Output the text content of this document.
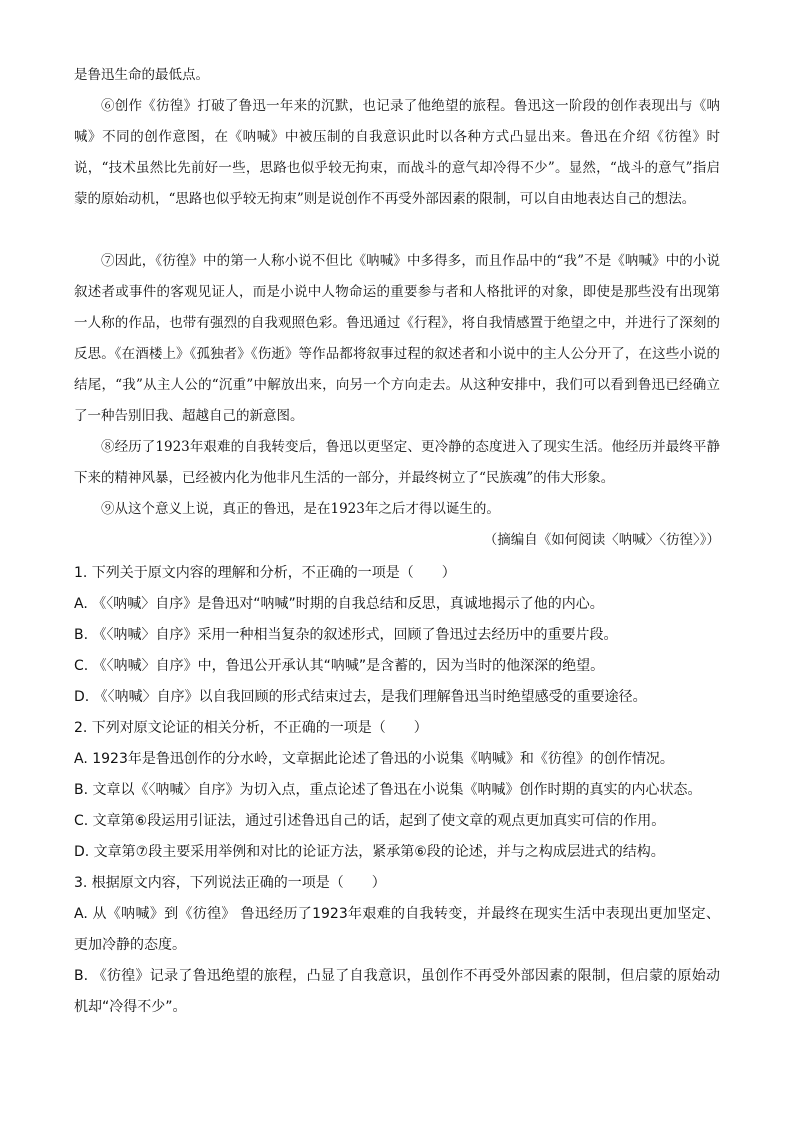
是鲁迅生命的最低点。
⑥创作《彷徨》打破了鲁迅一年来的沉默，也记录了他绝望的旅程。鲁迅这一阶段的创作表现出与《呐喊》不同的创作意图，在《呐喊》中被压制的自我意识此时以各种方式凸显出来。鲁迅在介绍《彷徨》时说，“技术虽然比先前好一些，思路也似乎较无拘束，而战斗的意气却冷得不少”。显然，“战斗的意气”指启蒙的原始动机，“思路也似乎较无拘束”则是说创作不再受外部因素的限制，可以自由地表达自己的想法。
⑦因此，《彷徨》中的第一人称小说不但比《呐喊》中多得多，而且作品中的“我”不是《呐喊》中的小说叙述者或事件的客观见证人，而是小说中人物命运的重要参与者和人格批评的对象，即使是那些没有出现第一人称的作品，也带有强烈的自我观照色彩。鲁迅通过《行程》，将自我情感置于绝望之中，并进行了深刻的反思。《在酒楼上》《孤独者》《伤逝》等作品都将叙事过程的叙述者和小说中的主人公分开了，在这些小说的结尾，“我”从主人公的“沉重”中解放出来，向另一个方向走去。从这种安排中，我们可以看到鲁迅已经确立了一种告别旧我、超越自己的新意图。
⑧经历了1923年艰难的自我转变后，鲁迅以更坚定、更冷静的态度进入了现实生活。他经历并最终平静下来的精神风暴，已经被内化为他非凡生活的一部分，并最终树立了“民族魂”的伟大形象。
⑨从这个意义上说，真正的鲁迅，是在1923年之后才得以诞生的。
（摘编自《如何阅读〈呐喊〉〈彷徨〉》）
1. 下列关于原文内容的理解和分析，不正确的一项是（　　）
A. 《〈呐喊〉自序》是鲁迅对“呐喊”时期的自我总结和反思，真诚地揭示了他的内心。
B. 《〈呐喊〉自序》采用一种相当复杂的叙述形式，回顾了鲁迅过去经历中的重要片段。
C. 《〈呐喊〉自序》中，鲁迅公开承认其“呐喊”是含蓄的，因为当时的他深深的绝望。
D. 《〈呐喊〉自序》以自我回顾的形式结束过去，是我们理解鲁迅当时绝望感受的重要途径。
2. 下列对原文论证的相关分析，不正确的一项是（　　）
A. 1923年是鲁迅创作的分水岭，文章据此论述了鲁迅的小说集《呐喊》和《彷徨》的创作情况。
B. 文章以《〈呐喊〉自序》为切入点，重点论述了鲁迅在小说集《呐喊》创作时期的真实的内心状态。
C. 文章第⑥段运用引证法，通过引述鲁迅自己的话，起到了使文章的观点更加真实可信的作用。
D. 文章第⑦段主要采用举例和对比的论证方法，紧承第⑥段的论述，并与之构成层进式的结构。
3. 根据原文内容，下列说法正确的一项是（　　）
A. 从《呐喊》到《彷徨》 鲁迅经历了1923年艰难的自我转变，并最终在现实生活中表现出更加坚定、更加冷静的态度。
B. 《彷徨》记录了鲁迅绝望的旅程，凸显了自我意识，虽创作不再受外部因素的限制，但启蒙的原始动机却“冷得不少”。
